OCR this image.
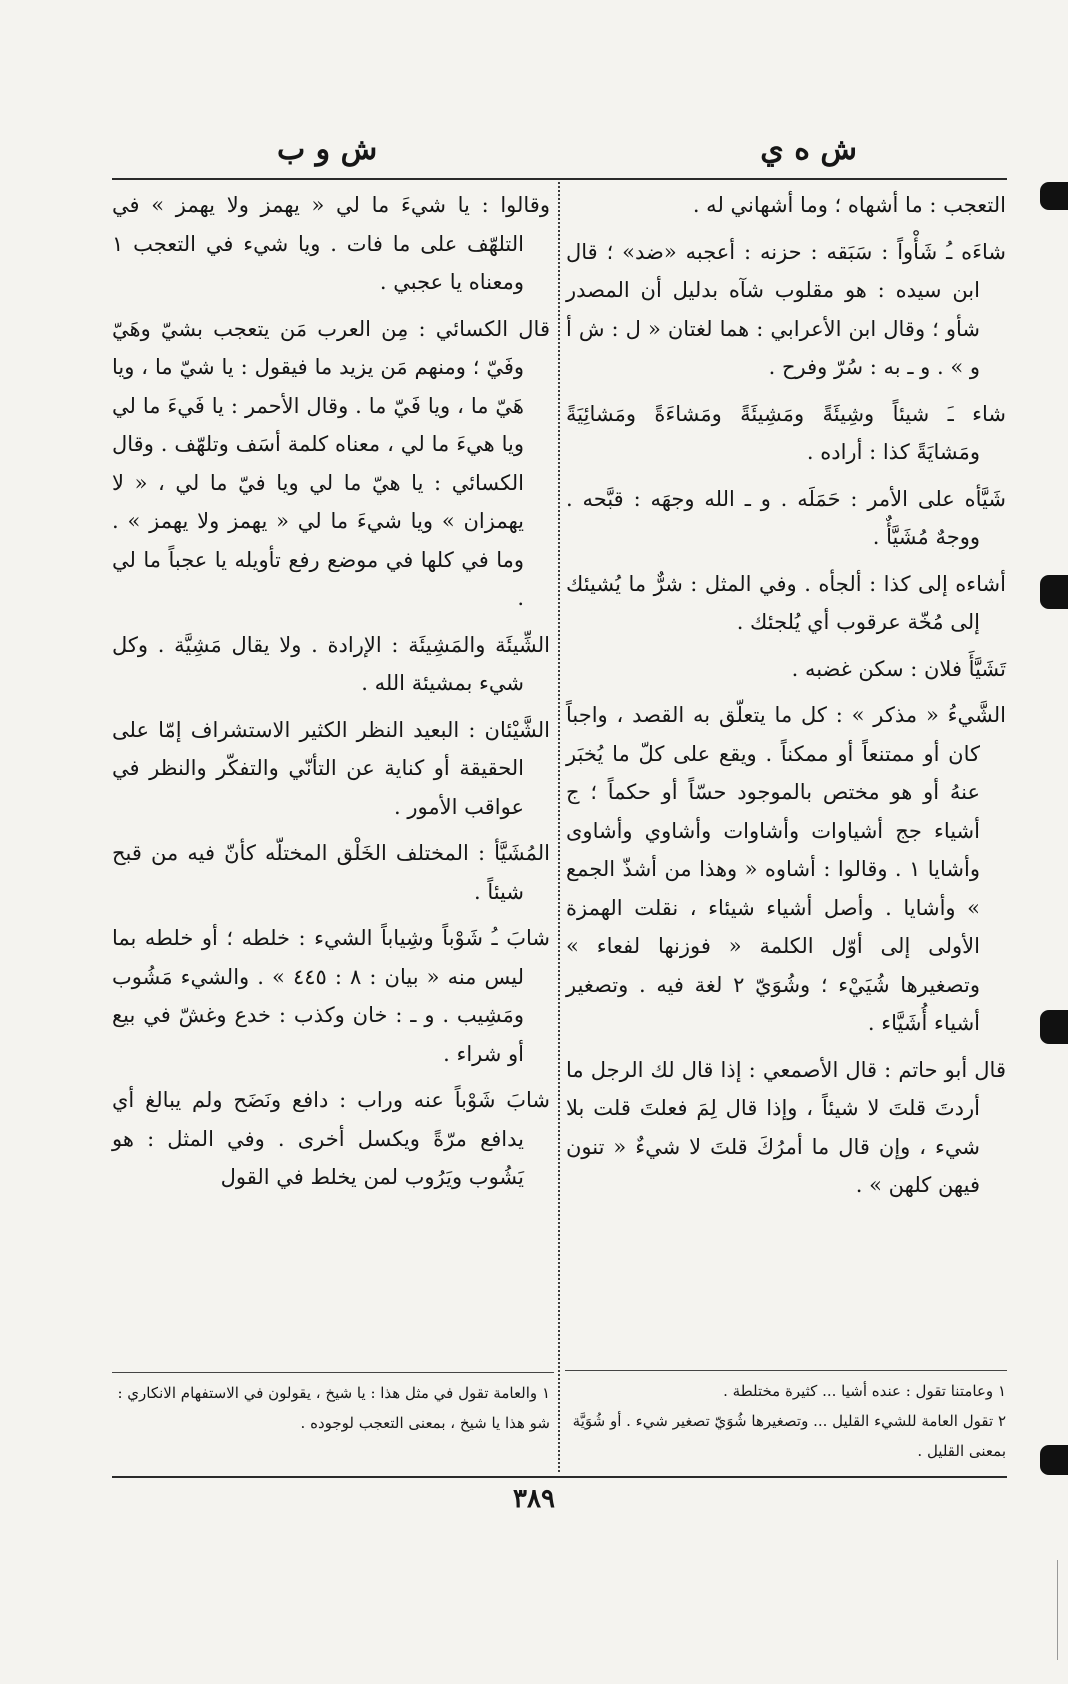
ش ه ي
ش و ب

التعجب : ما أشهاه ؛ وما أشهاني له .

شاءَه ـُ شَأْواً : سَبَقه : حزنه : أعجبه «ضد» ؛ قال ابن سيده : هو مقلوب شآه بدليل أن المصدر شأو ؛ وقال ابن الأعرابي : هما لغتان « ل : ش أ و » . و ـ به : سُرّ وفرح .

شاء ـَ شيئاً وشِيئَةً ومَشِيئَةً ومَشاءَةً ومَشائِيَةً ومَشايَةً كذا : أراده .

شَيَّأه على الأمر : حَمَلَه . و ـ الله وجهَه : قبَّحه . ووجهٌ مُشَيَّأٌ .

أشاءه إلى كذا : ألجأه . وفي المثل : شرٌّ ما يُشيئك إلى مُخّة عرقوب أي يُلجئك .

تَشَيَّأَ فلان : سكن غضبه .

الشَّيءُ « مذكر » : كل ما يتعلّق به القصد ، واجباً كان أو ممتنعاً أو ممكناً . ويقع على كلّ ما يُخبَر عنهُ أو هو مختص بالموجود حسّاً أو حكماً ؛ ج أشياء جج أشياوات وأشاوات وأشاوي وأشاوى وأشايا ١ . وقالوا : أشاوه « وهذا من أشذّ الجمع » وأشايا . وأصل أشياء شيئاء ، نقلت الهمزة الأولى إلى أوّل الكلمة « فوزنها لفعاء » وتصغيرها شُيَيْء ؛ وشُوَيّ ٢ لغة فيه . وتصغير أشياء أُشَيَّاء .

قال أبو حاتم : قال الأصمعي : إذا قال لك الرجل ما أردتَ قلتَ لا شيئاً ، وإذا قال لِمَ فعلتَ قلت بلا شيء ، وإن قال ما أمرُكَ قلتَ لا شيءٌ « تنون فيهن كلهن » .

وقالوا : يا شيءَ ما لي « يهمز ولا يهمز » في التلهّف على ما فات . ويا شيء في التعجب ١ ومعناه يا عجبي .

قال الكسائي : مِن العرب مَن يتعجب بشيّ وهَيّ وفَيّ ؛ ومنهم مَن يزيد ما فيقول : يا شيّ ما ، ويا هَيّ ما ، ويا فَيّ ما . وقال الأحمر : يا فَيءَ ما لي ويا هيءَ ما لي ، معناه كلمة أسَف وتلهّف . وقال الكسائي : يا هيّ ما لي ويا فيّ ما لي ، « لا يهمزان » ويا شيءَ ما لي « يهمز ولا يهمز » . وما في كلها في موضع رفع تأويله يا عجباً ما لي .

الشِّيئَة والمَشِيئَة : الإرادة . ولا يقال مَشِيَّة . وكل شيء بمشيئة الله .

الشَّيْئان : البعيد النظر الكثير الاستشراف إمّا على الحقيقة أو كناية عن التأنّي والتفكّر والنظر في عواقب الأمور .

المُشَيَّأ : المختلف الخَلْق المختلّه كأنّ فيه من قبح شيئاً .

شابَ ـُ شَوْباً وشِياباً الشيء : خلطه ؛ أو خلطه بما ليس منه « بيان : ٨ : ٤٤٥ » . والشيء مَشُوب ومَشِيب . و ـ : خان وكذب : خدع وغشّ في بيع أو شراء .

شابَ شَوْباً عنه وراب : دافع ونَضَح ولم يبالغ أي يدافع مرّةً ويكسل أخرى . وفي المثل : هو يَشُوب ويَرُوب لمن يخلط في القول

١ وعامتنا تقول : عنده أشيا ... كثيرة مختلطة .

٢ تقول العامة للشيء القليل ... وتصغيرها شُوَيّ تصغير شيء . أو شُوَيَّة بمعنى القليل .

١ والعامة تقول في مثل هذا : يا شيخ ، يقولون في الاستفهام الانكاري : شو هذا يا شيخ ، بمعنى التعجب لوجوده .

٣٨٩
